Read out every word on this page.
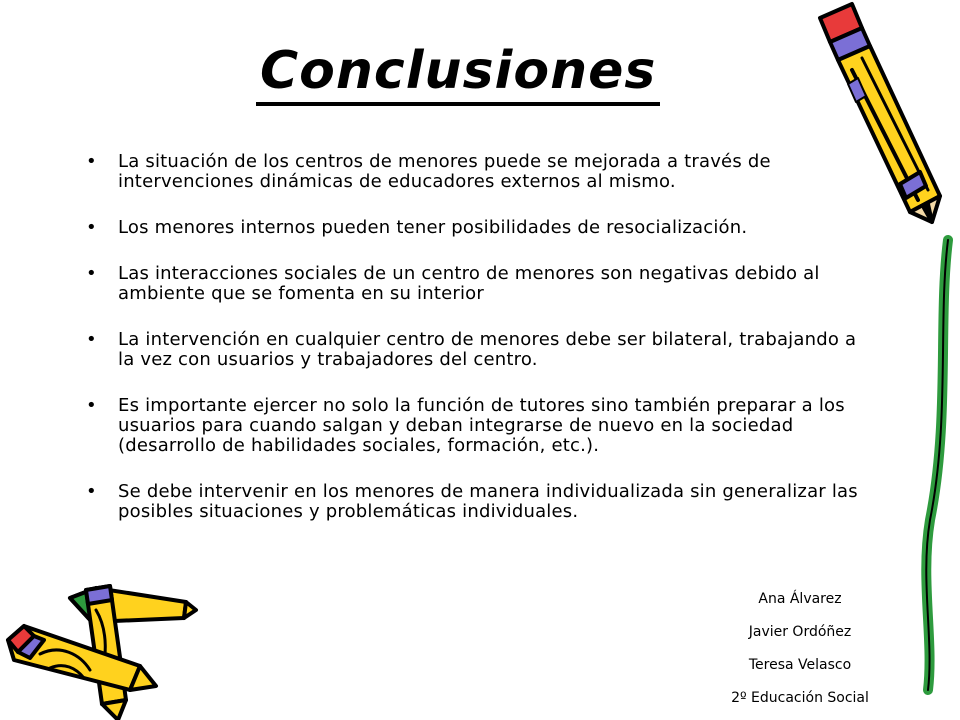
Conclusiones
• La situación de los centros de menores puede se mejorada a través de intervenciones dinámicas de educadores externos al mismo.
• Los menores internos pueden tener posibilidades de resocialización.
• Las interacciones sociales de un centro de menores son negativas debido al ambiente que se fomenta en su interior
• La intervención en cualquier centro de menores debe ser bilateral, trabajando a la vez con usuarios y trabajadores del centro.
• Es importante ejercer no solo la función de tutores sino también preparar a los usuarios para cuando salgan y deban integrarse de nuevo en la sociedad (desarrollo de habilidades sociales, formación, etc.).
• Se debe intervenir en los menores de manera individualizada sin generalizar las posibles situaciones y problemáticas individuales.
Ana Álvarez
Javier Ordóñez
Teresa Velasco
2º Educación Social
